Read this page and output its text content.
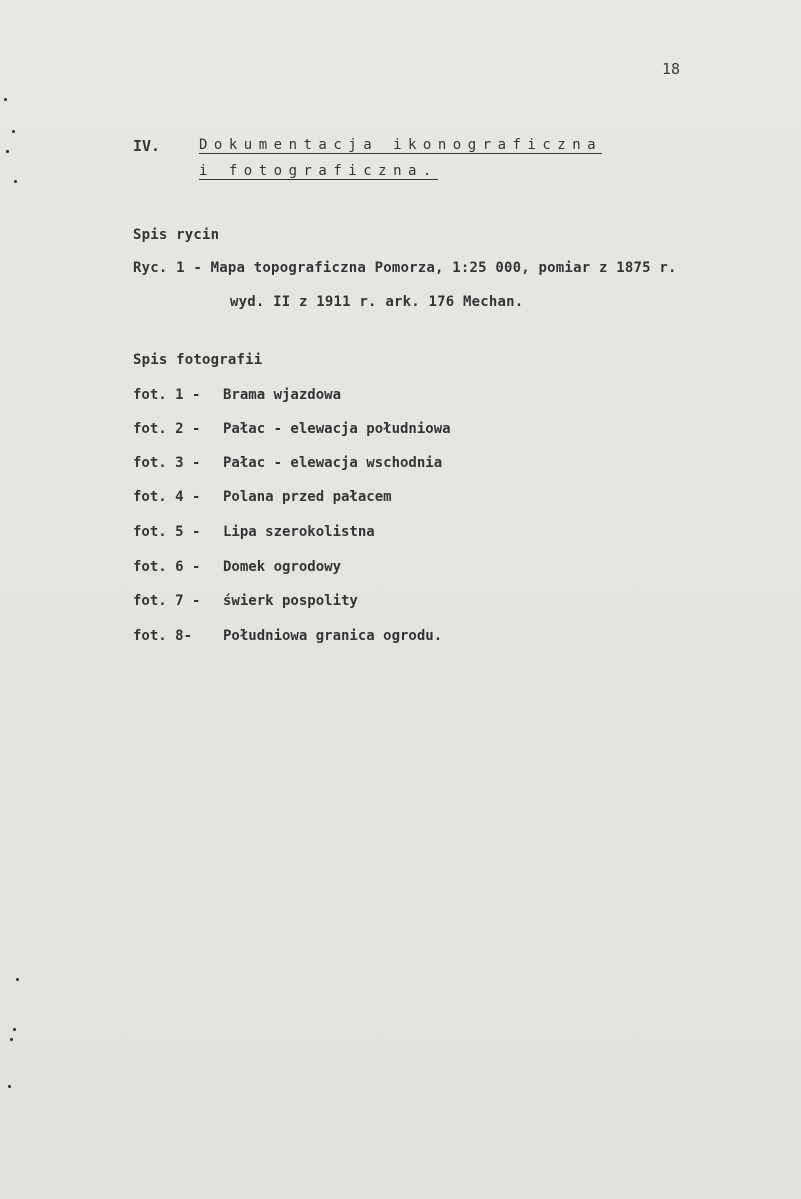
18
IV.	Dokumentacja ikonograficzna
i fotograficzna.
Spis rycin
Ryc. 1 - Mapa topograficzna Pomorza, 1:25 000, pomiar z 1875 r.
wyd. II z 1911 r. ark. 176 Mechan.
Spis fotografii
fot. 1 - Brama wjazdowa
fot. 2 - Pałac - elewacja południowa
fot. 3 - Pałac - elewacja wschodnia
fot. 4 - Polana przed pałacem
fot. 5 - Lipa szerokolistna
fot. 6 - Domek ogrodowy
fot. 7 - świerk pospolity
fot. 8- Południowa granica ogrodu.
